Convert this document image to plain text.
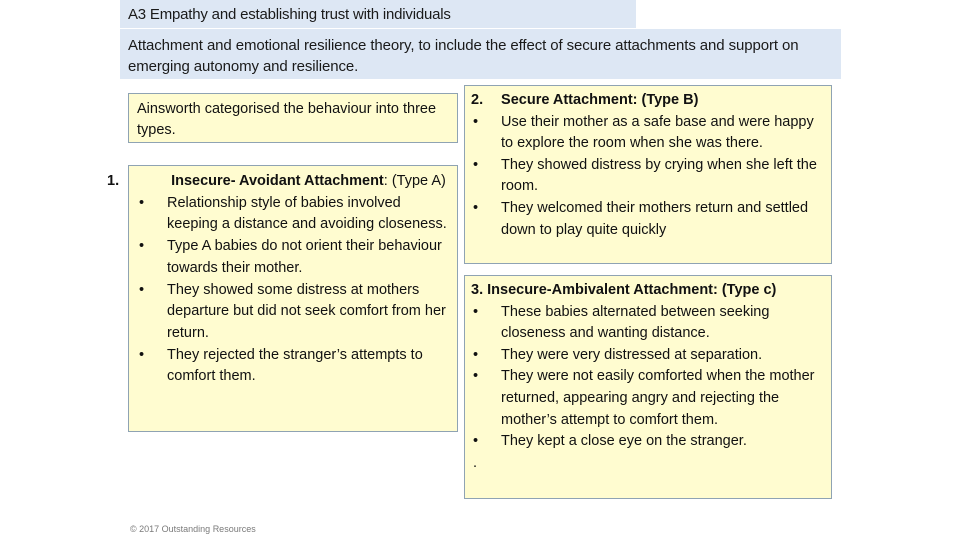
A3 Empathy and establishing trust with individuals
Attachment and emotional resilience theory, to include the effect of secure attachments and support on emerging autonomy and resilience.
Ainsworth categorised the behaviour into three types.
1.	Insecure- Avoidant Attachment: (Type A)
• Relationship style of babies involved keeping a distance and avoiding closeness.
• Type A babies do not orient their behaviour towards their mother.
• They showed some distress at mothers departure but did not seek comfort from her return.
• They rejected the stranger’s attempts to comfort them.
2. Secure Attachment: (Type B)
• Use their mother as a safe base and were happy to explore the room when she was there.
• They showed distress by crying when she left the room.
• They welcomed their mothers return and settled down to play quite quickly
3. Insecure-Ambivalent Attachment: (Type c)
• These babies alternated between seeking closeness and wanting distance.
• They were very distressed at separation.
• They were not easily comforted when the mother returned, appearing angry and rejecting the mother’s attempt to comfort them.
• They kept a close eye on the stranger.
.
© 2017 Outstanding Resources
